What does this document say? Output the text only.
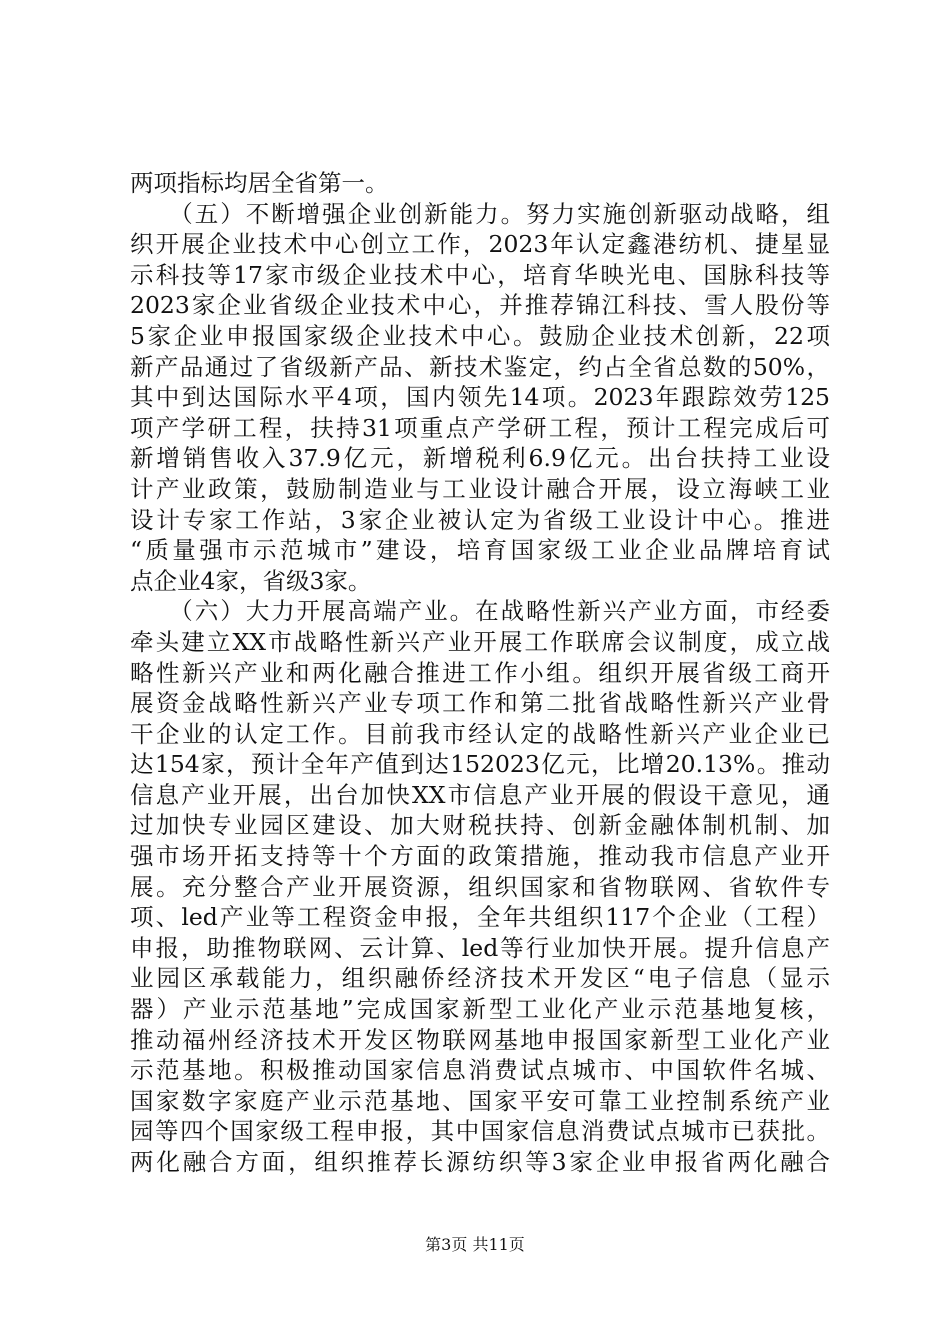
两项指标均居全省第一。
　　（五）不断增强企业创新能力。努力实施创新驱动战略，组
织开展企业技术中心创立工作，2023年认定鑫港纺机、捷星显
示科技等17家市级企业技术中心，培育华映光电、国脉科技等
2023家企业省级企业技术中心，并推荐锦江科技、雪人股份等
5家企业申报国家级企业技术中心。鼓励企业技术创新，22项
新产品通过了省级新产品、新技术鉴定，约占全省总数的50%，
其中到达国际水平4项，国内领先14项。2023年跟踪效劳125
项产学研工程，扶持31项重点产学研工程，预计工程完成后可
新增销售收入37.9亿元，新增税利6.9亿元。出台扶持工业设
计产业政策，鼓励制造业与工业设计融合开展，设立海峡工业
设计专家工作站，3家企业被认定为省级工业设计中心。推进
“质量强市示范城市”建设，培育国家级工业企业品牌培育试
点企业4家，省级3家。
　　（六）大力开展高端产业。在战略性新兴产业方面，市经委
牵头建立XX市战略性新兴产业开展工作联席会议制度，成立战
略性新兴产业和两化融合推进工作小组。组织开展省级工商开
展资金战略性新兴产业专项工作和第二批省战略性新兴产业骨
干企业的认定工作。目前我市经认定的战略性新兴产业企业已
达154家，预计全年产值到达152023亿元，比增20.13%。推动
信息产业开展，出台加快XX市信息产业开展的假设干意见，通
过加快专业园区建设、加大财税扶持、创新金融体制机制、加
强市场开拓支持等十个方面的政策措施，推动我市信息产业开
展。充分整合产业开展资源，组织国家和省物联网、省软件专
项、led产业等工程资金申报，全年共组织117个企业（工程）
申报，助推物联网、云计算、led等行业加快开展。提升信息产
业园区承载能力，组织融侨经济技术开发区“电子信息（显示
器）产业示范基地”完成国家新型工业化产业示范基地复核，
推动福州经济技术开发区物联网基地申报国家新型工业化产业
示范基地。积极推动国家信息消费试点城市、中国软件名城、
国家数字家庭产业示范基地、国家平安可靠工业控制系统产业
园等四个国家级工程申报，其中国家信息消费试点城市已获批。
两化融合方面，组织推荐长源纺织等3家企业申报省两化融合
第3页 共11页
